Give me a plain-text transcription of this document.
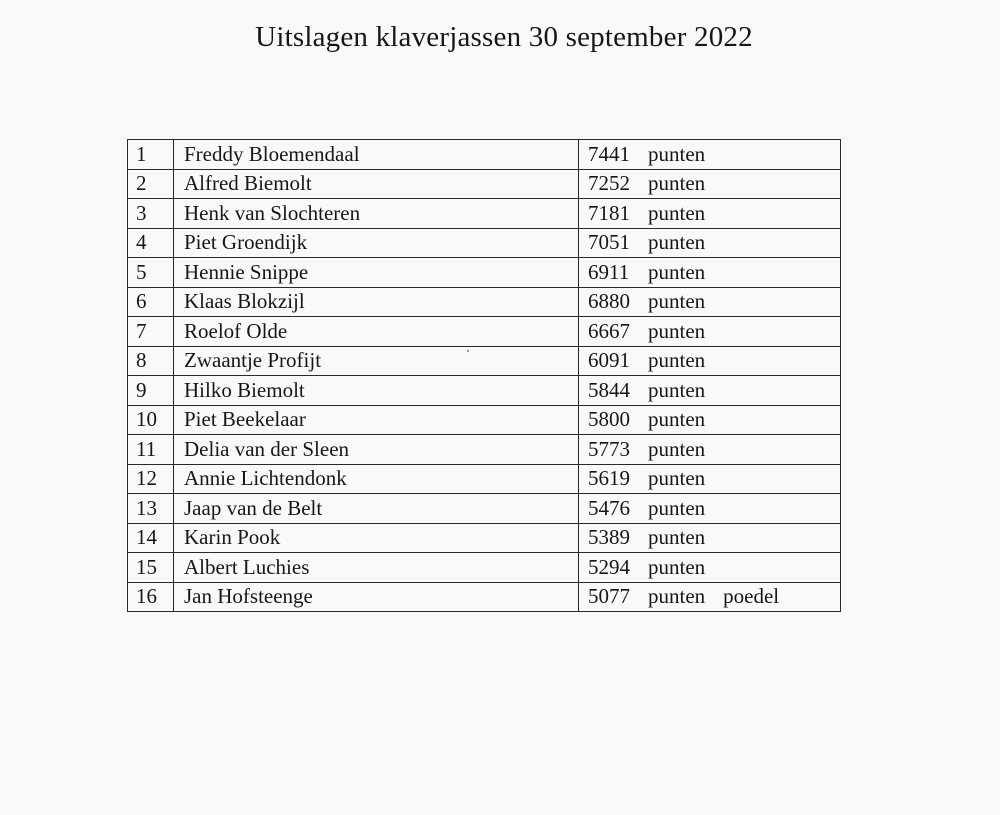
Uitslagen klaverjassen 30 september 2022
1	Freddy Bloemendaal	7441 punten
2	Alfred Biemolt	7252 punten
3	Henk van Slochteren	7181 punten
4	Piet Groendijk	7051 punten
5	Hennie Snippe	6911 punten
6	Klaas Blokzijl	6880 punten
7	Roelof Olde	6667 punten
8	Zwaantje Profijt	6091 punten
9	Hilko Biemolt	5844 punten
10	Piet Beekelaar	5800 punten
11	Delia van der Sleen	5773 punten
12	Annie Lichtendonk	5619 punten
13	Jaap van de Belt	5476 punten
14	Karin Pook	5389 punten
15	Albert Luchies	5294 punten
16	Jan Hofsteenge	5077 punten poedel
